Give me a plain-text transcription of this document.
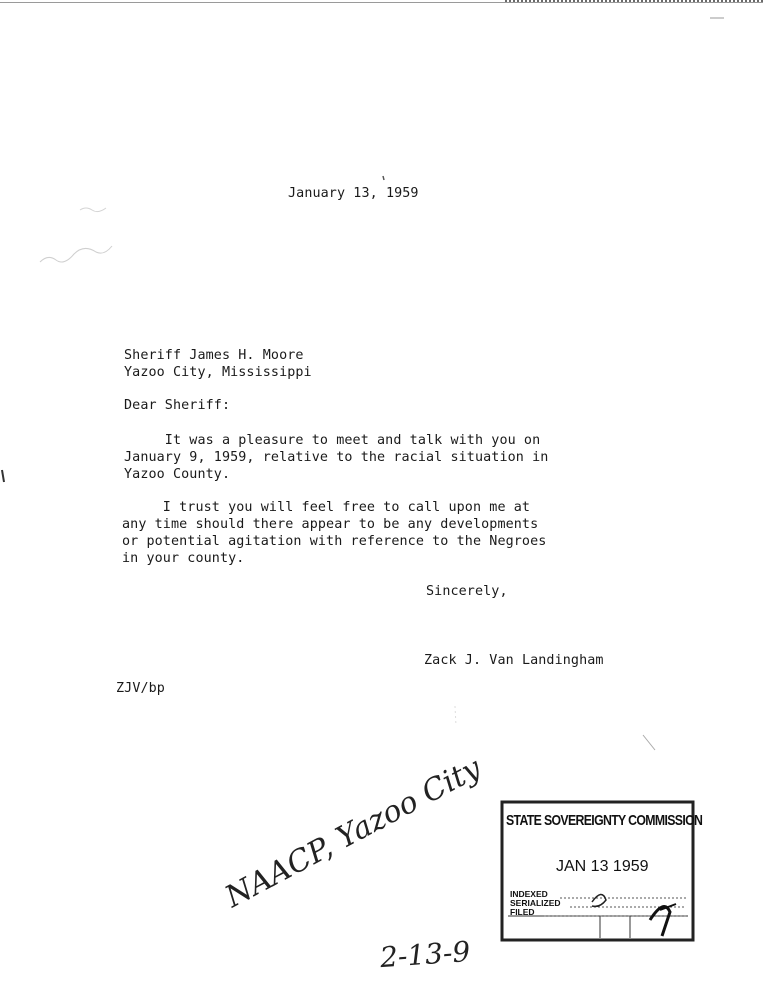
January 13, 1959

Sheriff James H. Moore

Yazoo City, Mississippi

Dear Sheriff:

It was a pleasure to meet and talk with you on

January 9, 1959, relative to the racial situation in

Yazoo County.

I trust you will feel free to call upon me at

any time should there appear to be any developments

or potential agitation with reference to the Negroes

in your county.

Sincerely,

Zack J. Van Landingham

ZJV/bp

NAACP, Yazoo City
2-13-9
STATE SOVEREIGNTY COMMISSION
JAN 13 1959
INDEXED
SERIALIZED
FILED
